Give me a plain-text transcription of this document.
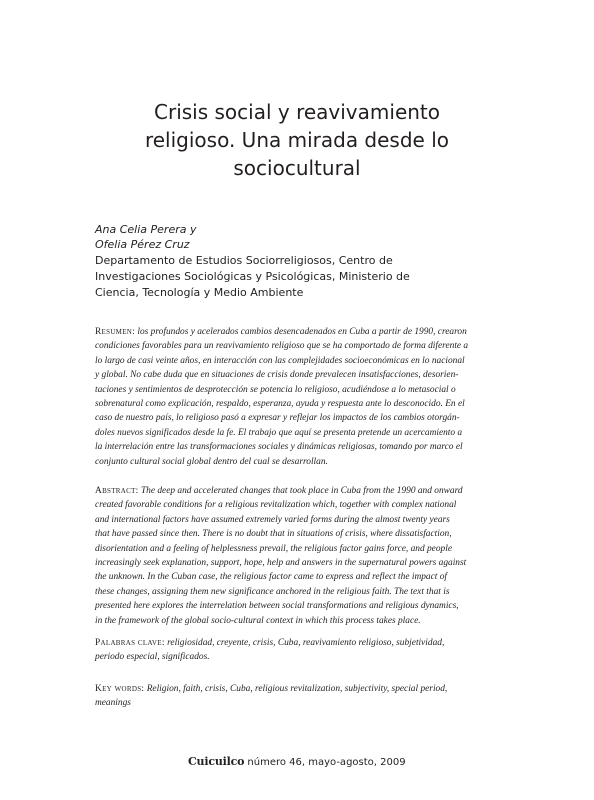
Crisis social y reavivamiento
religioso. Una mirada desde lo
sociocultural
Ana Celia Perera y
Ofelia Pérez Cruz
Departamento de Estudios Sociorreligiosos, Centro de
Investigaciones Sociológicas y Psicológicas, Ministerio de
Ciencia, Tecnología y Medio Ambiente
Resumen: los profundos y acelerados cambios desencadenados en Cuba a partir de 1990, crearon
condiciones favorables para un reavivamiento religioso que se ha comportado de forma diferente a
lo largo de casi veinte años, en interacción con las complejidades socioeconómicas en lo nacional
y global. No cabe duda que en situaciones de crisis donde prevalecen insatisfacciones, desorien-
taciones y sentimientos de desprotección se potencia lo religioso, acudiéndose a lo metasocial o
sobrenatural como explicación, respaldo, esperanza, ayuda y respuesta ante lo desconocido. En el
caso de nuestro país, lo religioso pasó a expresar y reflejar los impactos de los cambios otorgán-
doles nuevos significados desde la fe. El trabajo que aquí se presenta pretende un acercamiento a
la interrelación entre las transformaciones sociales y dinámicas religiosas, tomando por marco el
conjunto cultural social global dentro del cual se desarrollan.
Abstract: The deep and accelerated changes that took place in Cuba from the 1990 and onward
created favorable conditions for a religious revitalization which, together with complex national
and international factors have assumed extremely varied forms during the almost twenty years
that have passed since then. There is no doubt that in situations of crisis, where dissatisfaction,
disorientation and a feeling of helplessness prevail, the religious factor gains force, and people
increasingly seek explanation, support, hope, help and answers in the supernatural powers against
the unknown. In the Cuban case, the religious factor came to express and reflect the impact of
these changes, assigning them new significance anchored in the religious faith. The text that is
presented here explores the interrelation between social transformations and religious dynamics,
in the framework of the global socio-cultural context in which this process takes place.
Palabras clave: religiosidad, creyente, crisis, Cuba, reavivamiento religioso, subjetividad,
periodo especial, significados.
Key words: Religion, faith, crisis, Cuba, religious revitalization, subjectivity, special period,
meanings
Cuicuilco número 46, mayo-agosto, 2009
